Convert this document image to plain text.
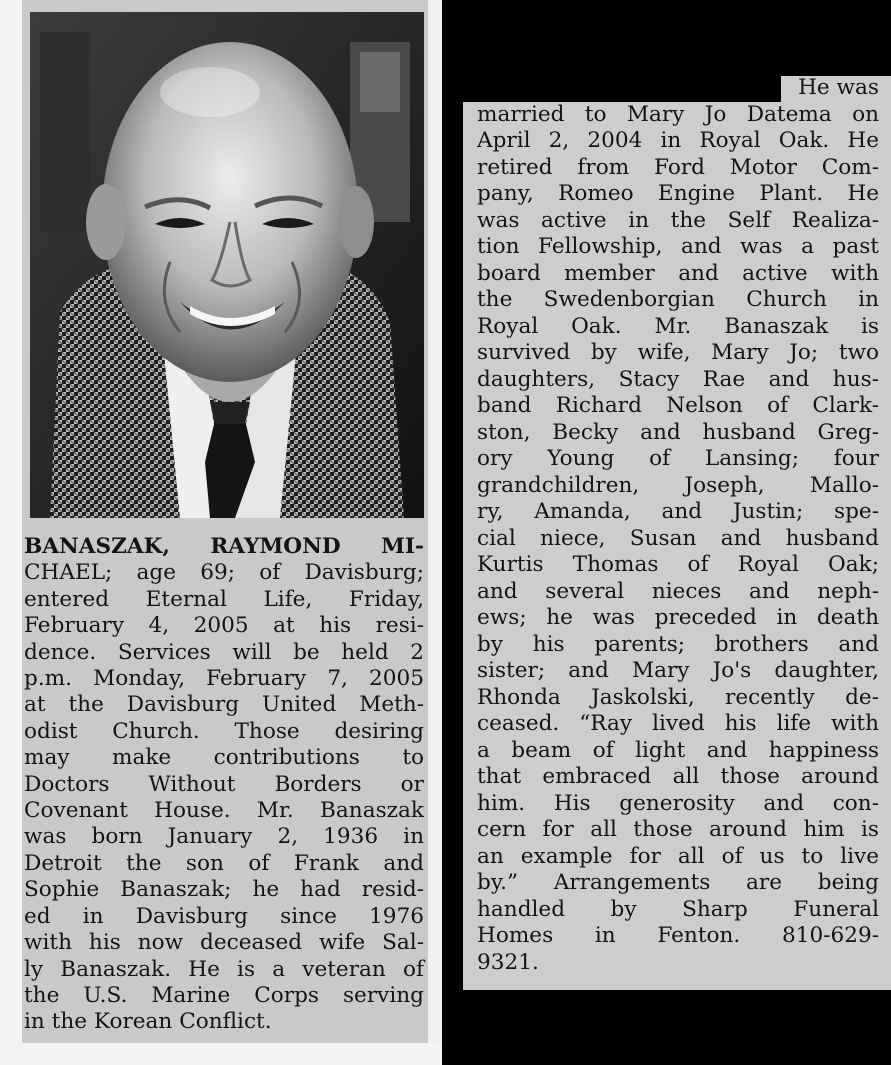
BANASZAK, RAYMOND MI-
CHAEL; age 69; of Davisburg;
entered Eternal Life, Friday,
February 4, 2005 at his resi-
dence. Services will be held 2
p.m. Monday, February 7, 2005
at the Davisburg United Meth-
odist Church. Those desiring
may make contributions to
Doctors Without Borders or
Covenant House. Mr. Banaszak
was born January 2, 1936 in
Detroit the son of Frank and
Sophie Banaszak; he had resid-
ed in Davisburg since 1976
with his now deceased wife Sal-
ly Banaszak. He is a veteran of
the U.S. Marine Corps serving
in the Korean Conflict.

He was
married to Mary Jo Datema on
April 2, 2004 in Royal Oak. He
retired from Ford Motor Com-
pany, Romeo Engine Plant. He
was active in the Self Realiza-
tion Fellowship, and was a past
board member and active with
the Swedenborgian Church in
Royal Oak. Mr. Banaszak is
survived by wife, Mary Jo; two
daughters, Stacy Rae and hus-
band Richard Nelson of Clark-
ston, Becky and husband Greg-
ory Young of Lansing; four
grandchildren, Joseph, Mallo-
ry, Amanda, and Justin; spe-
cial niece, Susan and husband
Kurtis Thomas of Royal Oak;
and several nieces and neph-
ews; he was preceded in death
by his parents; brothers and
sister; and Mary Jo's daughter,
Rhonda Jaskolski, recently de-
ceased. “Ray lived his life with
a beam of light and happiness
that embraced all those around
him. His generosity and con-
cern for all those around him is
an example for all of us to live
by.” Arrangements are being
handled by Sharp Funeral
Homes in Fenton. 810-629-
9321.
